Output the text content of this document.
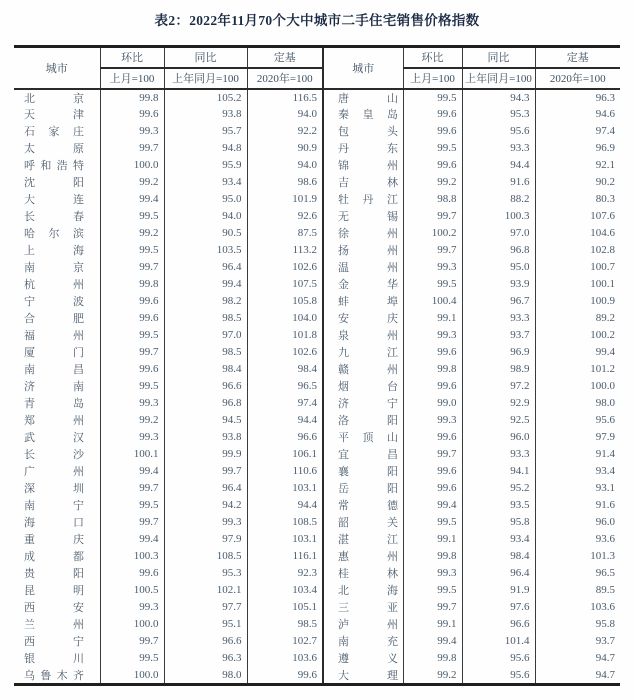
表2：2022年11月70个大中城市二手住宅销售价格指数
城市	环比	同比	定基	城市	环比	同比	定基
	上月=100	上年同月=100	2020年=100		上月=100	上年同月=100	2020年=100

北 京	99.8	105.2	116.5	唐 山	99.5	94.3	96.3

天 津	99.6	93.8	94.0	秦 皇 岛	99.6	95.3	94.6

石 家 庄	99.3	95.7	92.2	包 头	99.6	95.6	97.4

太 原	99.7	94.8	90.9	丹 东	99.5	93.3	96.9

呼 和 浩 特	100.0	95.9	94.0	锦 州	99.6	94.4	92.1

沈 阳	99.2	93.4	98.6	吉 林	99.2	91.6	90.2

大 连	99.4	95.0	101.9	牡 丹 江	98.8	88.2	80.3

长 春	99.5	94.0	92.6	无 锡	99.7	100.3	107.6

哈 尔 滨	99.2	90.5	87.5	徐 州	100.2	97.0	104.6

上 海	99.5	103.5	113.2	扬 州	99.7	96.8	102.8

南 京	99.7	96.4	102.6	温 州	99.3	95.0	100.7

杭 州	99.8	99.4	107.5	金 华	99.5	93.9	100.1

宁 波	99.6	98.2	105.8	蚌 埠	100.4	96.7	100.9

合 肥	99.6	98.5	104.0	安 庆	99.1	93.3	89.2

福 州	99.5	97.0	101.8	泉 州	99.3	93.7	100.2

厦 门	99.7	98.5	102.6	九 江	99.6	96.9	99.4

南 昌	99.6	98.4	98.4	赣 州	99.8	98.9	101.2

济 南	99.5	96.6	96.5	烟 台	99.6	97.2	100.0

青 岛	99.3	96.8	97.4	济 宁	99.0	92.9	98.0

郑 州	99.2	94.5	94.4	洛 阳	99.3	92.5	95.6

武 汉	99.3	93.8	96.6	平 顶 山	99.6	96.0	97.9

长 沙	100.1	99.9	106.1	宜 昌	99.7	93.3	91.4

广 州	99.4	99.7	110.6	襄 阳	99.6	94.1	93.4

深 圳	99.7	96.4	103.1	岳 阳	99.6	95.2	93.1

南 宁	99.5	94.2	94.4	常 德	99.4	93.5	91.6

海 口	99.7	99.3	108.5	韶 关	99.5	95.8	96.0

重 庆	99.4	97.9	103.1	湛 江	99.1	93.4	93.6

成 都	100.3	108.5	116.1	惠 州	99.8	98.4	101.3

贵 阳	99.6	95.3	92.3	桂 林	99.3	96.4	96.5

昆 明	100.5	102.1	103.4	北 海	99.5	91.9	89.5

西 安	99.3	97.7	105.1	三 亚	99.7	97.6	103.6

兰 州	100.0	95.1	98.5	泸 州	99.1	96.6	95.8

西 宁	99.7	96.6	102.7	南 充	99.4	101.4	93.7

银 川	99.5	96.3	103.6	遵 义	99.8	95.6	94.7

乌 鲁 木 齐	100.0	98.0	99.6	大 理	99.2	95.6	94.7
